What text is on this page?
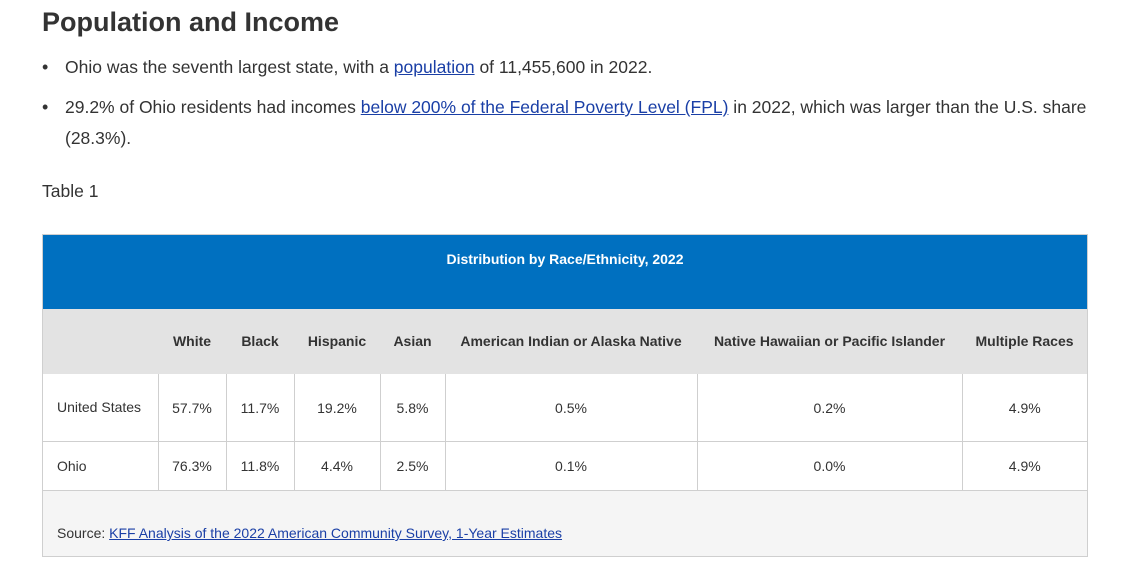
Population and Income
• Ohio was the seventh largest state, with a population of 11,455,600 in 2022.
• 29.2% of Ohio residents had incomes below 200% of the Federal Poverty Level (FPL) in 2022, which was larger than the U.S. share (28.3%).
Table 1
Distribution by Race/Ethnicity, 2022
	White	Black	Hispanic	Asian	American Indian or Alaska Native	Native Hawaiian or Pacific Islander	Multiple Races
United States	57.7%	11.7%	19.2%	5.8%	0.5%	0.2%	4.9%
Ohio	76.3%	11.8%	4.4%	2.5%	0.1%	0.0%	4.9%
Source: KFF Analysis of the 2022 American Community Survey, 1-Year Estimates
